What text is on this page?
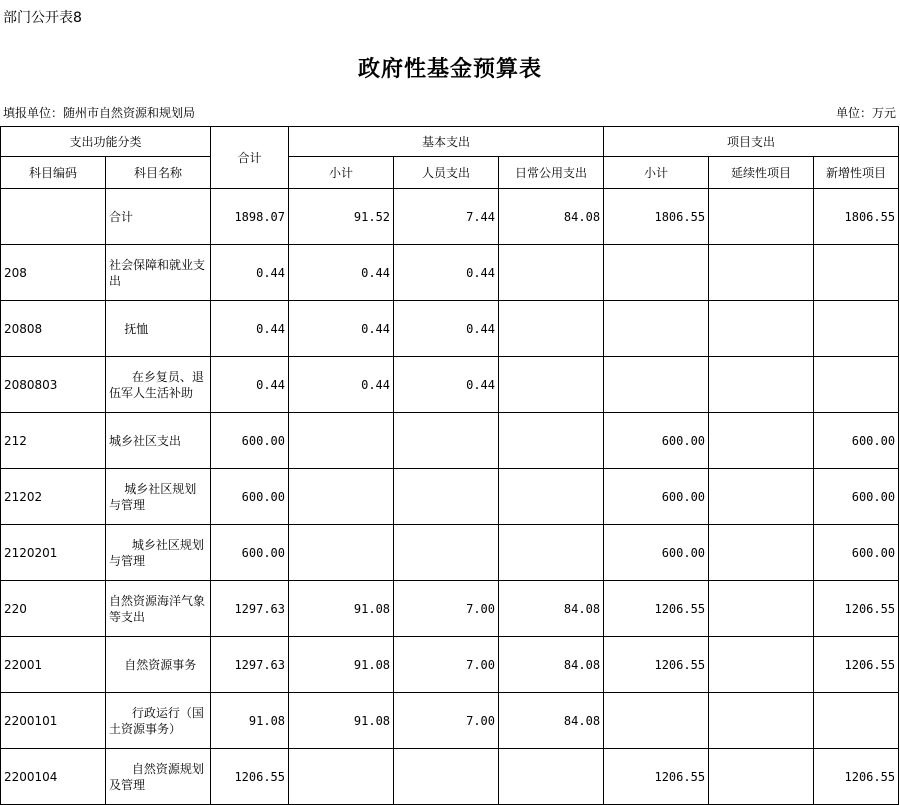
部门公开表8
政府性基金预算表
填报单位：随州市自然资源和规划局	单位：万元
支出功能分类		合计	基本支出			项目支出		
科目编码	科目名称		小计	人员支出	日常公用支出	小计	延续性项目	新增性项目
	合计	1898.07	91.52	7.44	84.08	1806.55		1806.55
208	社会保障和就业支出	0.44	0.44	0.44				
20808	抚恤	0.44	0.44	0.44				
2080803	在乡复员、退伍军人生活补助	0.44	0.44	0.44				
212	城乡社区支出	600.00				600.00		600.00
21202	城乡社区规划与管理	600.00				600.00		600.00
2120201	城乡社区规划与管理	600.00				600.00		600.00
220	自然资源海洋气象等支出	1297.63	91.08	7.00	84.08	1206.55		1206.55
22001	自然资源事务	1297.63	91.08	7.00	84.08	1206.55		1206.55
2200101	行政运行（国土资源事务）	91.08	91.08	7.00	84.08			
2200104	自然资源规划及管理	1206.55				1206.55		1206.55
